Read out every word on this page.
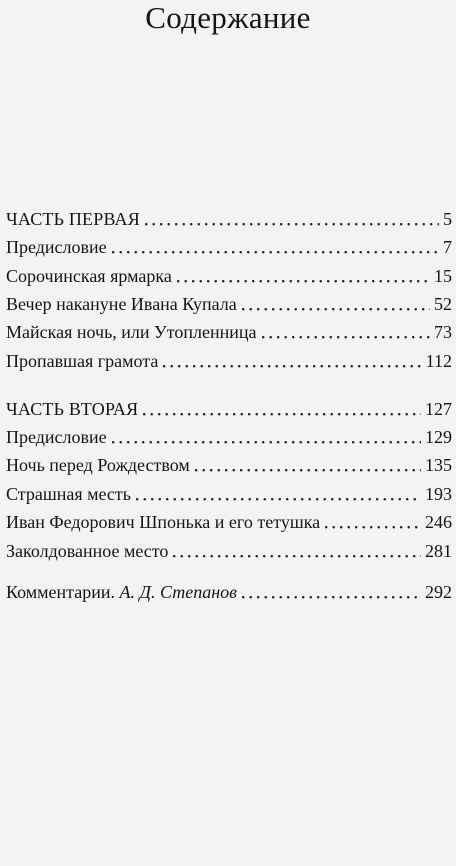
Содержание
ЧАСТЬ ПЕРВАЯ	5
Предисловие	7
Сорочинская ярмарка	15
Вечер накануне Ивана Купала	52
Майская ночь, или Утопленница	73
Пропавшая грамота	112
ЧАСТЬ ВТОРАЯ	127
Предисловие	129
Ночь перед Рождеством	135
Страшная месть	193
Иван Федорович Шпонька и его тетушка	246
Заколдованное место	281
Комментарии. А. Д. Степанов	292
